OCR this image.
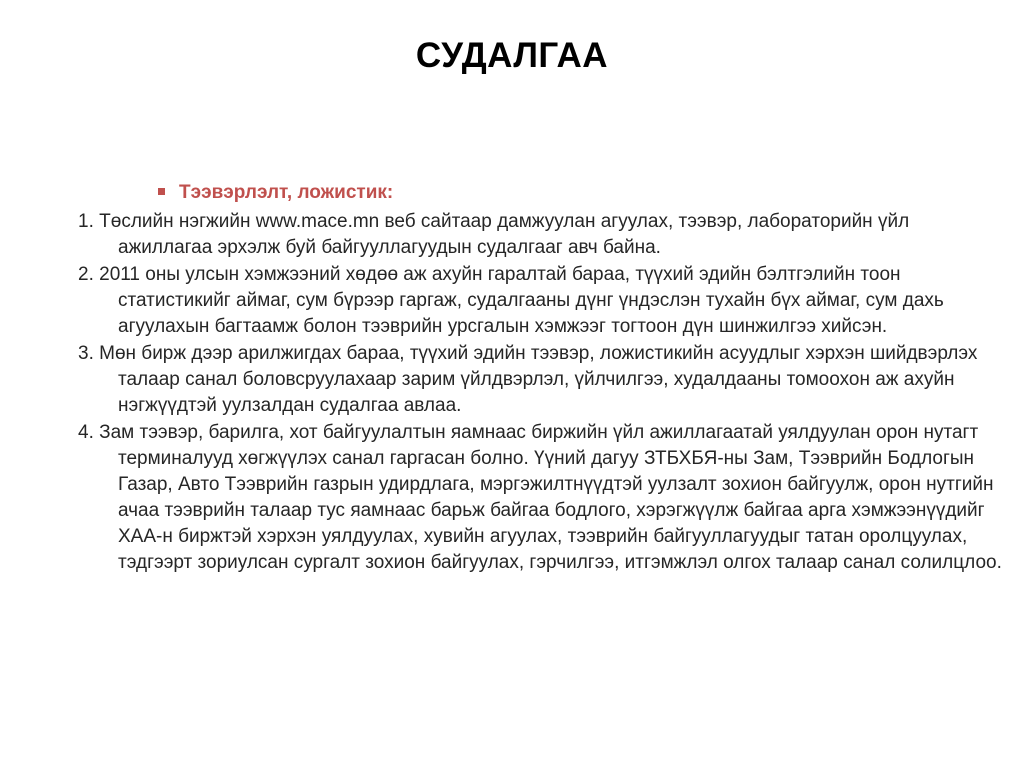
СУДАЛГАА
Тээвэрлэлт, ложистик:

1. Төслийн нэгжийн www.mace.mn веб сайтаар дамжуулан агуулах, тээвэр, лабораторийн үйл ажиллагаа эрхэлж буй байгууллагуудын судалгааг авч байна.

2. 2011 оны улсын хэмжээний хөдөө аж ахуйн гаралтай бараа, түүхий эдийн бэлтгэлийн тоон статистикийг аймаг, сум бүрээр гаргаж, судалгааны дүнг үндэслэн тухайн бүх аймаг, сум дахь агуулахын багтаамж болон тээврийн урсгалын хэмжээг тогтоон дүн шинжилгээ хийсэн.

3. Мөн бирж дээр арилжигдах бараа, түүхий эдийн тээвэр, ложистикийн асуудлыг хэрхэн шийдвэрлэх талаар санал боловсруулахаар зарим үйлдвэрлэл, үйлчилгээ, худалдааны томоохон аж ахуйн нэгжүүдтэй уулзалдан судалгаа авлаа.

4. Зам тээвэр, барилга, хот байгуулалтын яамнаас биржийн үйл ажиллагаатай уялдуулан орон нутагт терминалууд хөгжүүлэх санал гаргасан болно. Үүний дагуу ЗТБХБЯ-ны Зам, Тээврийн Бодлогын Газар, Авто Тээврийн газрын удирдлага, мэргэжилтнүүдтэй уулзалт зохион байгуулж, орон нутгийн ачаа тээврийн талаар тус яамнаас барьж байгаа бодлого, хэрэгжүүлж байгаа арга хэмжээнүүдийг ХАА-н биржтэй хэрхэн уялдуулах, хувийн агуулах, тээврийн байгууллагуудыг татан оролцуулах, тэдгээрт зориулсан сургалт зохион байгуулах, гэрчилгээ, итгэмжлэл олгох талаар санал солилцлоо.
